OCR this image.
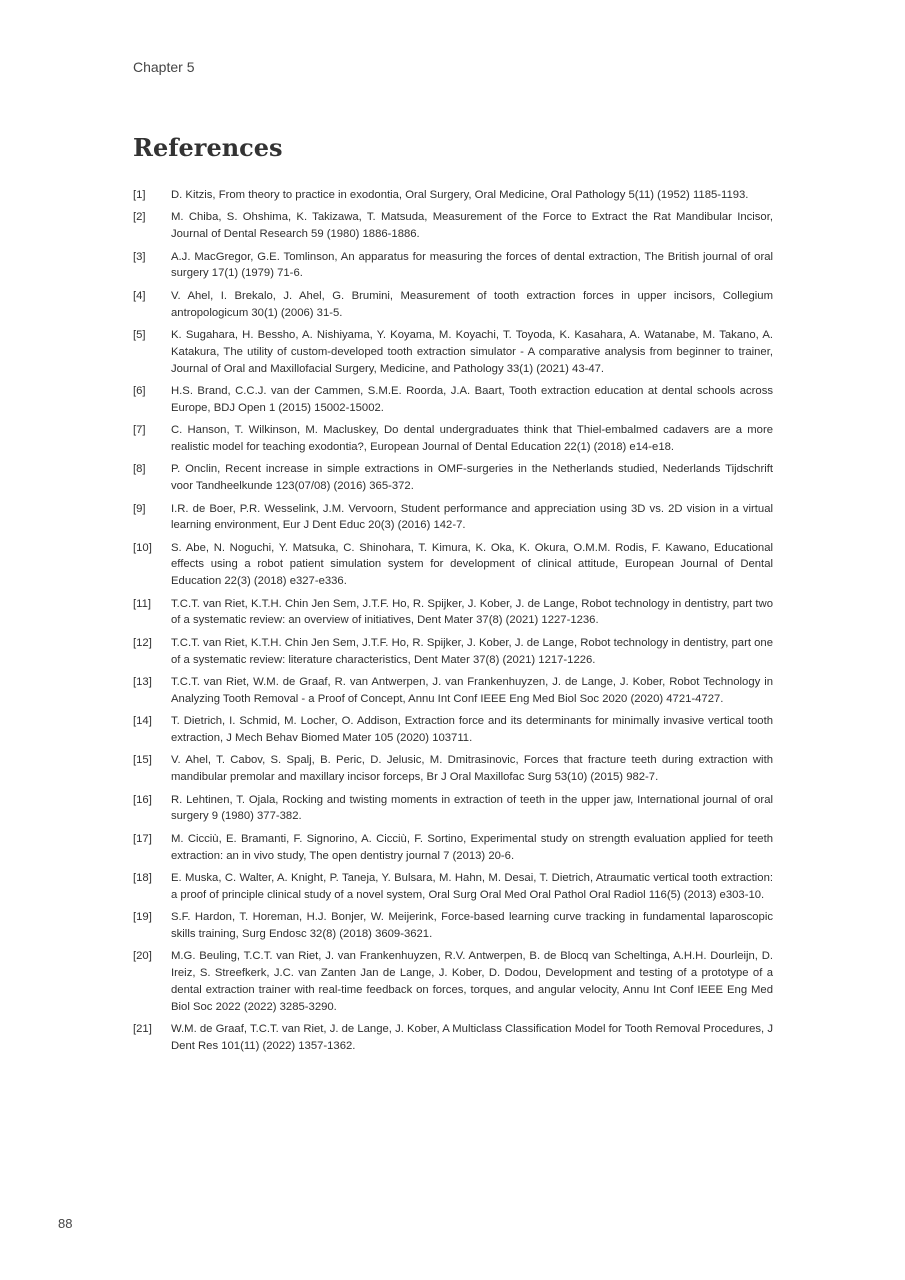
Chapter 5
References
[1] D. Kitzis, From theory to practice in exodontia, Oral Surgery, Oral Medicine, Oral Pathology 5(11) (1952) 1185-1193.
[2] M. Chiba, S. Ohshima, K. Takizawa, T. Matsuda, Measurement of the Force to Extract the Rat Mandibular Incisor, Journal of Dental Research 59 (1980) 1886-1886.
[3] A.J. MacGregor, G.E. Tomlinson, An apparatus for measuring the forces of dental extraction, The British journal of oral surgery 17(1) (1979) 71-6.
[4] V. Ahel, I. Brekalo, J. Ahel, G. Brumini, Measurement of tooth extraction forces in upper incisors, Collegium antropologicum 30(1) (2006) 31-5.
[5] K. Sugahara, H. Bessho, A. Nishiyama, Y. Koyama, M. Koyachi, T. Toyoda, K. Kasahara, A. Watanabe, M. Takano, A. Katakura, The utility of custom-developed tooth extraction simulator - A comparative analysis from beginner to trainer, Journal of Oral and Maxillofacial Surgery, Medicine, and Pathology 33(1) (2021) 43-47.
[6] H.S. Brand, C.C.J. van der Cammen, S.M.E. Roorda, J.A. Baart, Tooth extraction education at dental schools across Europe, BDJ Open 1 (2015) 15002-15002.
[7] C. Hanson, T. Wilkinson, M. Macluskey, Do dental undergraduates think that Thiel-embalmed cadavers are a more realistic model for teaching exodontia?, European Journal of Dental Education 22(1) (2018) e14-e18.
[8] P. Onclin, Recent increase in simple extractions in OMF-surgeries in the Netherlands studied, Nederlands Tijdschrift voor Tandheelkunde 123(07/08) (2016) 365-372.
[9] I.R. de Boer, P.R. Wesselink, J.M. Vervoorn, Student performance and appreciation using 3D vs. 2D vision in a virtual learning environment, Eur J Dent Educ 20(3) (2016) 142-7.
[10] S. Abe, N. Noguchi, Y. Matsuka, C. Shinohara, T. Kimura, K. Oka, K. Okura, O.M.M. Rodis, F. Kawano, Educational effects using a robot patient simulation system for development of clinical attitude, European Journal of Dental Education 22(3) (2018) e327-e336.
[11] T.C.T. van Riet, K.T.H. Chin Jen Sem, J.T.F. Ho, R. Spijker, J. Kober, J. de Lange, Robot technology in dentistry, part two of a systematic review: an overview of initiatives, Dent Mater 37(8) (2021) 1227-1236.
[12] T.C.T. van Riet, K.T.H. Chin Jen Sem, J.T.F. Ho, R. Spijker, J. Kober, J. de Lange, Robot technology in dentistry, part one of a systematic review: literature characteristics, Dent Mater 37(8) (2021) 1217-1226.
[13] T.C.T. van Riet, W.M. de Graaf, R. van Antwerpen, J. van Frankenhuyzen, J. de Lange, J. Kober, Robot Technology in Analyzing Tooth Removal - a Proof of Concept, Annu Int Conf IEEE Eng Med Biol Soc 2020 (2020) 4721-4727.
[14] T. Dietrich, I. Schmid, M. Locher, O. Addison, Extraction force and its determinants for minimally invasive vertical tooth extraction, J Mech Behav Biomed Mater 105 (2020) 103711.
[15] V. Ahel, T. Cabov, S. Spalj, B. Peric, D. Jelusic, M. Dmitrasinovic, Forces that fracture teeth during extraction with mandibular premolar and maxillary incisor forceps, Br J Oral Maxillofac Surg 53(10) (2015) 982-7.
[16] R. Lehtinen, T. Ojala, Rocking and twisting moments in extraction of teeth in the upper jaw, International journal of oral surgery 9 (1980) 377-382.
[17] M. Cicciù, E. Bramanti, F. Signorino, A. Cicciù, F. Sortino, Experimental study on strength evaluation applied for teeth extraction: an in vivo study, The open dentistry journal 7 (2013) 20-6.
[18] E. Muska, C. Walter, A. Knight, P. Taneja, Y. Bulsara, M. Hahn, M. Desai, T. Dietrich, Atraumatic vertical tooth extraction: a proof of principle clinical study of a novel system, Oral Surg Oral Med Oral Pathol Oral Radiol 116(5) (2013) e303-10.
[19] S.F. Hardon, T. Horeman, H.J. Bonjer, W. Meijerink, Force-based learning curve tracking in fundamental laparoscopic skills training, Surg Endosc 32(8) (2018) 3609-3621.
[20] M.G. Beuling, T.C.T. van Riet, J. van Frankenhuyzen, R.V. Antwerpen, B. de Blocq van Scheltinga, A.H.H. Dourleijn, D. Ireiz, S. Streefkerk, J.C. van Zanten Jan de Lange, J. Kober, D. Dodou, Development and testing of a prototype of a dental extraction trainer with real-time feedback on forces, torques, and angular velocity, Annu Int Conf IEEE Eng Med Biol Soc 2022 (2022) 3285-3290.
[21] W.M. de Graaf, T.C.T. van Riet, J. de Lange, J. Kober, A Multiclass Classification Model for Tooth Removal Procedures, J Dent Res 101(11) (2022) 1357-1362.
88
